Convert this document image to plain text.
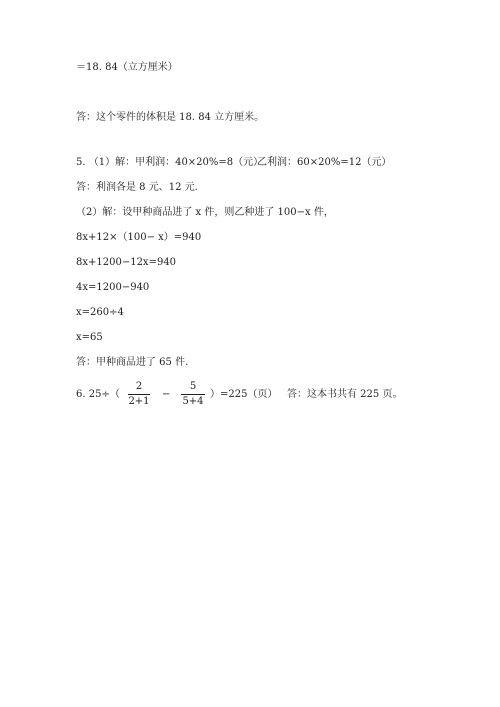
＝18. 84（立方厘米）
答：这个零件的体积是 18. 84 立方厘米。
5. （1）解：甲利润：40×20%=8（元）
乙利润：60×20%=12（元）
答：利润各是 8 元、12 元.
（2）解：设甲种商品进了 x 件，则乙种进了 100−x 件，
8x+12×（100− x）=940
8x+1200−12x=940
4x=1200−940
x=260÷4
x=65
答：甲种商品进了 65 件.
6. 25÷（
2
2+1
−
5
5+4
）=225（页） 答：这本书共有 225 页。
